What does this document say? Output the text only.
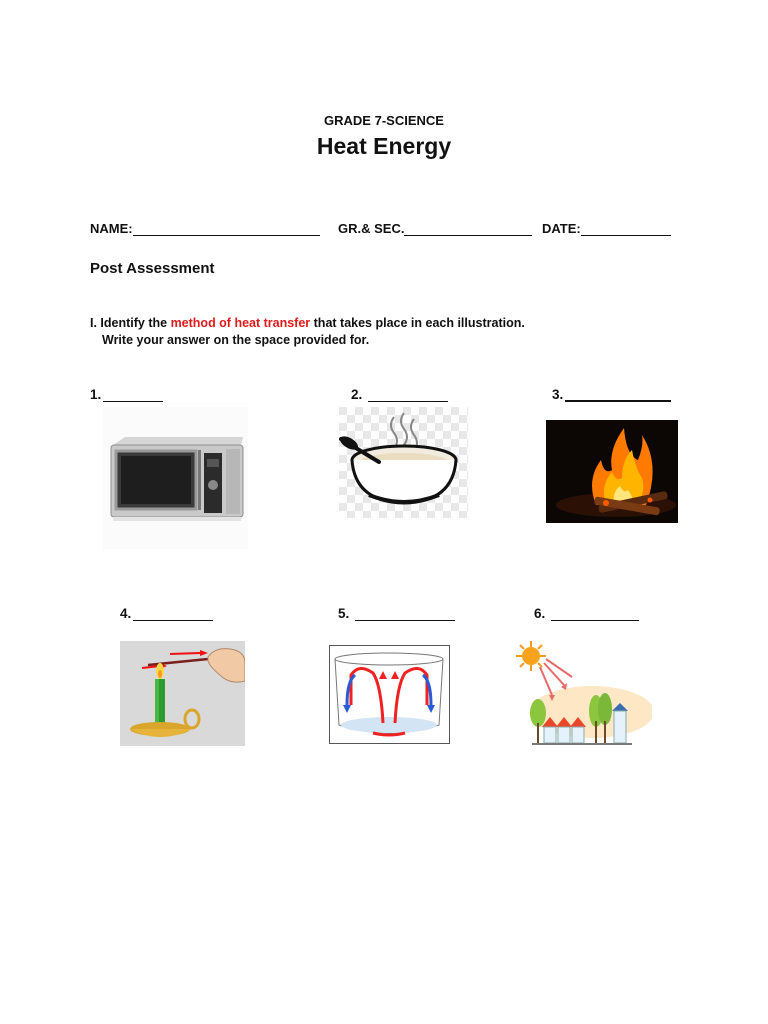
GRADE 7-SCIENCE
Heat Energy
NAME:	GR.& SEC.	DATE:
Post Assessment
I. Identify the method of heat transfer that takes place in each illustration.
Write your answer on the space provided for.
1.	2.	3.
4.	5.	6.
